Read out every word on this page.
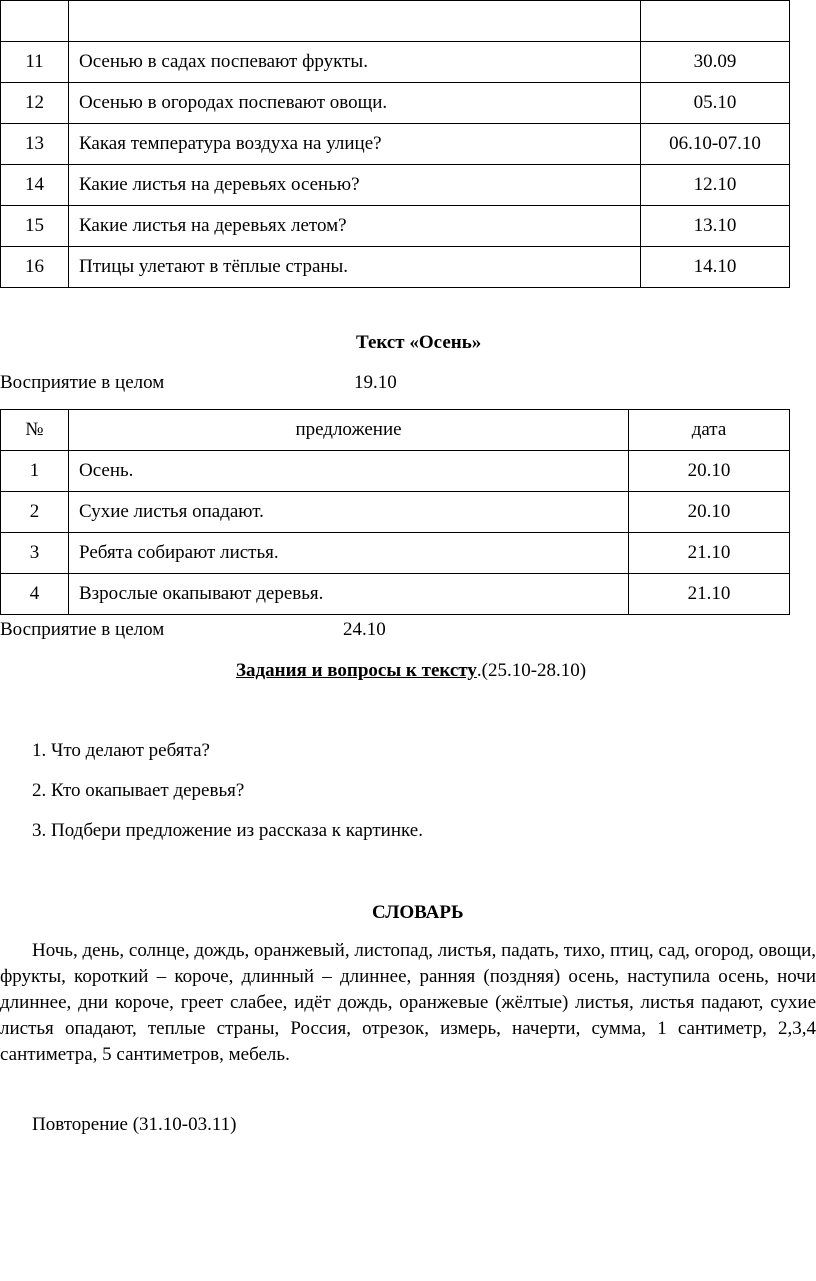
11	Осенью в садах поспевают фрукты.	30.09
12	Осенью в огородах поспевают овощи.	05.10
13	Какая температура воздуха на улице?	06.10-07.10
14	Какие листья на деревьях осенью?	12.10
15	Какие листья на деревьях летом?	13.10
16	Птицы улетают в тёплые страны.	14.10
Текст «Осень»
Восприятие в целом	19.10
№	предложение	дата
1	Осень.	20.10
2	Сухие листья опадают.	20.10
3	Ребята собирают листья.	21.10
4	Взрослые окапывают деревья.	21.10
Восприятие в целом	24.10
Задания и вопросы к тексту.(25.10-28.10)
1. Что делают ребята?
2. Кто окапывает деревья?
3. Подбери предложение из рассказа к картинке.
СЛОВАРЬ
Ночь, день, солнце, дождь, оранжевый, листопад, листья, падать, тихо, птиц, сад, огород, овощи, фрукты, короткий – короче, длинный – длиннее, ранняя (поздняя) осень, наступила осень, ночи длиннее, дни короче, греет слабее, идёт дождь, оранжевые (жёлтые) листья, листья падают, сухие листья опадают, теплые страны, Россия, отрезок, измерь, начерти, сумма, 1 сантиметр, 2,3,4 сантиметра, 5 сантиметров, мебель.
Повторение (31.10-03.11)
